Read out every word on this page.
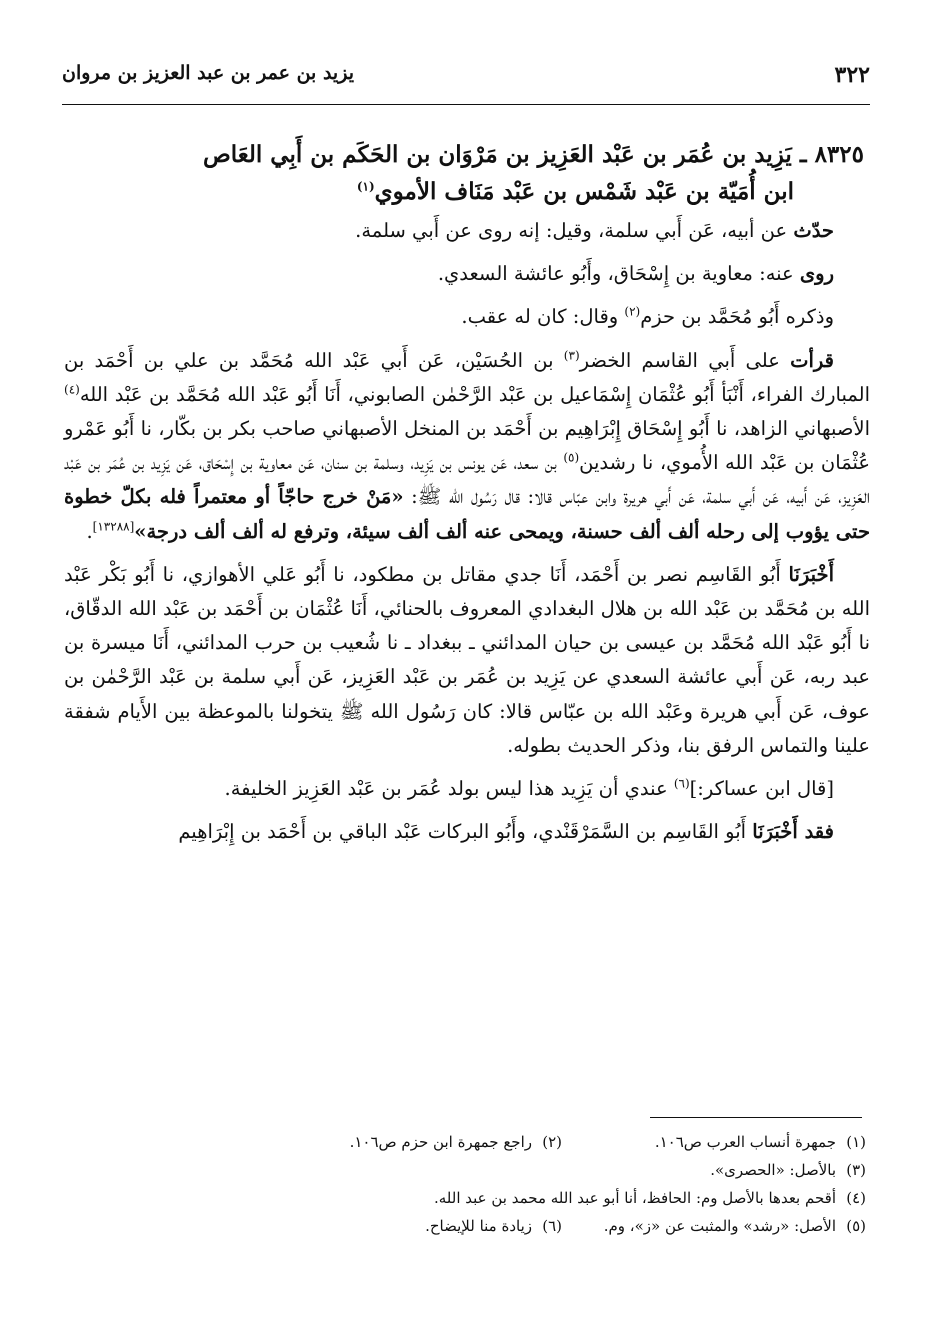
٣٢٢
يزيد بن عمر بن عبد العزيز بن مروان
٨٣٢٥ ـ يَزِيد بن عُمَر بن عَبْد العَزِيز بن مَرْوَان بن الحَكَم بن أَبِي العَاص
ابن أُمَيّة بن عَبْد شَمْس بن عَبْد مَنَاف الأموي$^{(١)}$

حدّث عن أبيه، عَن أَبي سلمة، وقيل: إنه روى عن أَبي سلمة.

روى عنه: معاوية بن إِسْحَاق، وأَبُو عائشة السعدي.

وذكره أَبُو مُحَمَّد بن حزم$^{(٢)}$ وقال: كان له عقب.

قرأت على أَبي القاسم الخضر$^{(٣)}$ بن الحُسَيْن، عَن أَبي عَبْد الله مُحَمَّد بن علي بن أَحْمَد بن المبارك الفراء، أَنْبَأ أَبُو عُثْمَان إِسْمَاعيل بن عَبْد الرَّحْمٰن الصابوني، أَنَا أَبُو عَبْد الله مُحَمَّد بن عَبْد الله$^{(٤)}$ الأصبهاني الزاهد، نا أَبُو إِسْحَاق إِبْرَاهِيم بن أَحْمَد بن المنخل الأصبهاني صاحب بكر بن بكّار، نا أَبُو عَمْرو عُثْمَان بن عَبْد الله الأُموي، نا رشدين$^{(٥)}$ بن سعد، عَن يونس بن يَزِيد، وسلمة بن سنان، عَن معاوية بن إِسْحَاق، عَن يَزِيد بن عُمَر بن عَبْد العَزِيز، عَن أَبيه، عَن أَبي سلمة، عَن أَبي هريرة وابن عبّاس قالا: قال رَسُول الله ﷺ: «مَنْ خرج حاجّاً أو معتمراً فله بكلّ خطوة حتى يؤوب إلى رحله ألف ألف حسنة، ويمحى عنه ألف ألف سيئة، وترفع له ألف ألف درجة»[١٣٢٨٨].

أَخْبَرَنَا أَبُو القَاسِم نصر بن أَحْمَد، أَنَا جدي مقاتل بن مطكود، نا أَبُو عَلي الأهوازي، نا أَبُو بَكْر عَبْد الله بن مُحَمَّد بن عَبْد الله بن هلال البغدادي المعروف بالحنائي، أَنَا عُثْمَان بن أَحْمَد بن عَبْد الله الدقّاق، نا أَبُو عَبْد الله مُحَمَّد بن عيسى بن حيان المدائني ـ ببغداد ـ نا شُعيب بن حرب المدائني، أَنَا ميسرة بن عبد ربه، عَن أَبي عائشة السعدي عن يَزِيد بن عُمَر بن عَبْد العَزِيز، عَن أَبي سلمة بن عَبْد الرَّحْمٰن بن عوف، عَن أَبي هريرة وعَبْد الله بن عبّاس قالا: كان رَسُول الله ﷺ يتخولنا بالموعظة بين الأَيام شفقة علينا والتماس الرفق بنا، وذكر الحديث بطوله.

[قال ابن عساكر:]$^{(٦)}$ عندي أن يَزِيد هذا ليس بولد عُمَر بن عَبْد العَزِيز الخليفة.

فقد أَخْبَرَنَا أَبُو القَاسِم بن السَّمَرْقَنْدي، وأَبُو البركات عَبْد الباقي بن أَحْمَد بن إِبْرَاهِيم

(١)جمهرة أنساب العرب ص١٠٦.
(٢)راجع جمهرة ابن حزم ص١٠٦.
(٣)بالأصل: «الحصرى».
(٤)أقحم بعدها بالأصل وم: الحافظ، أنا أبو عبد الله محمد بن عبد الله.
(٥)الأصل: «رشد» والمثبت عن «ز»، وم.
(٦)زيادة منا للإيضاح.
